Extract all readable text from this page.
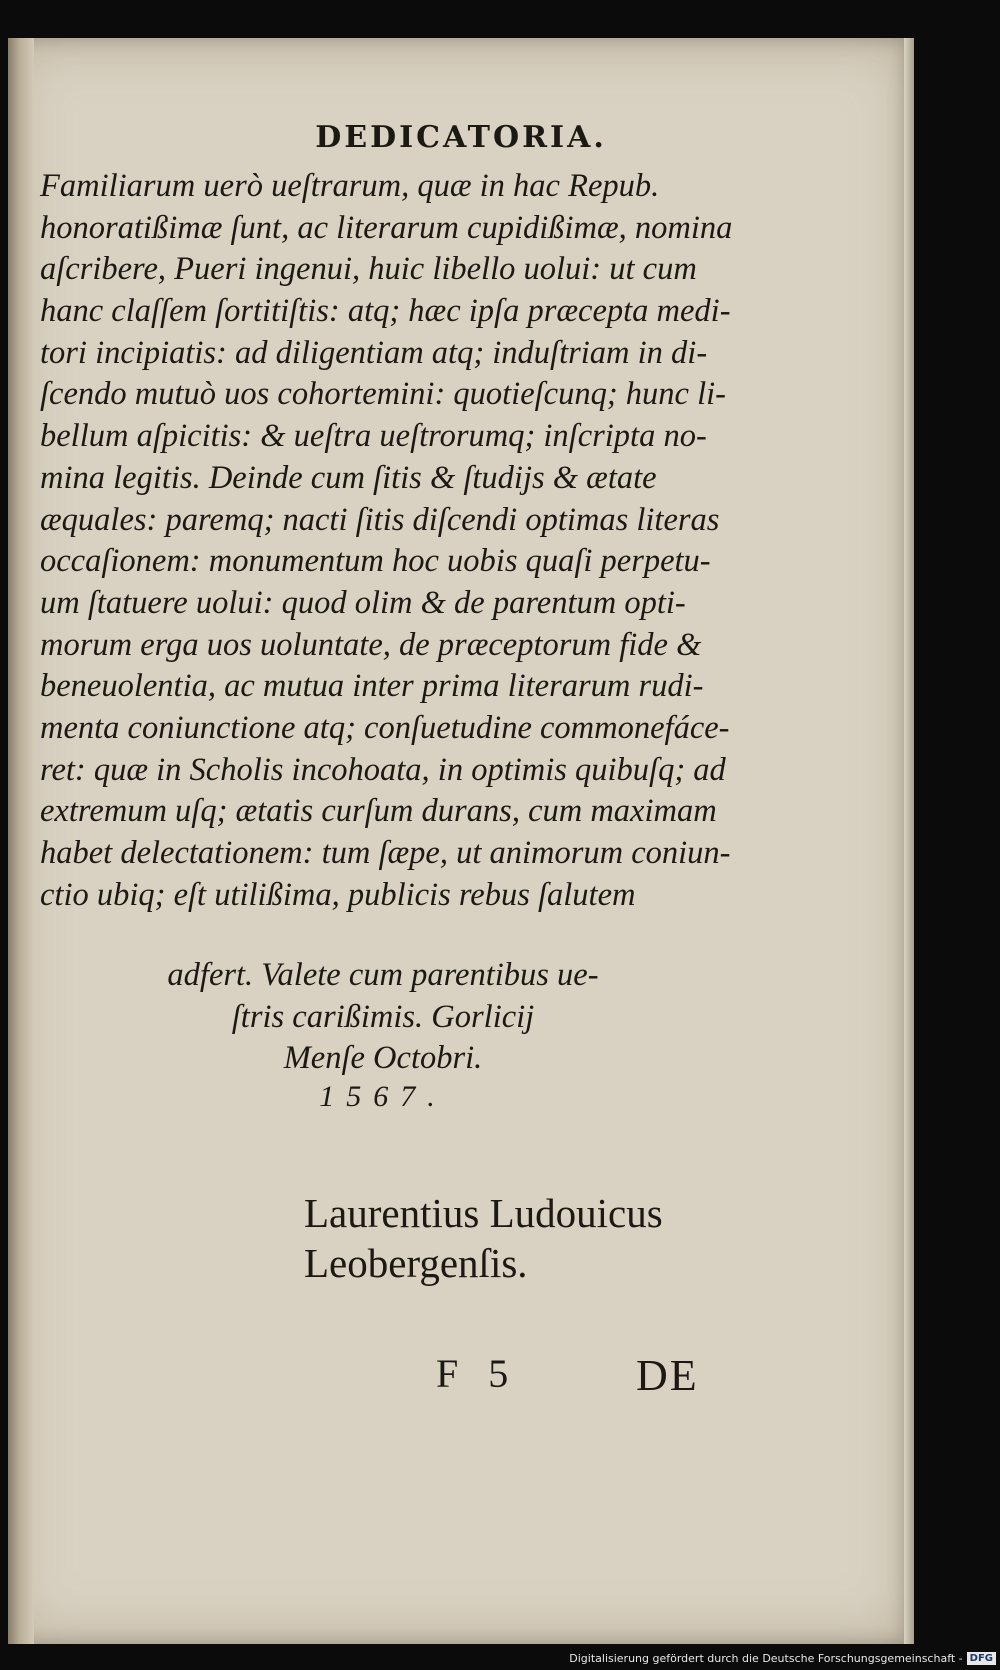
DEDICATORIA.
Familiarum uerò ueſtrarum, quæ in hac Repub.
honoratißimæ ſunt, ac literarum cupidißimæ, nomina
aſcribere, Pueri ingenui, huic libello uolui: ut cum
hanc claſſem ſortitiſtis: atq; hæc ipſa præcepta medi-
tori incipiatis: ad diligentiam atq; induſtriam in di-
ſcendo mutuò uos cohortemini: quotieſcunq; hunc li-
bellum aſpicitis: & ueſtra ueſtrorumq; inſcripta no-
mina legitis. Deinde cum ſitis & ſtudijs & ætate
æquales: paremq; nacti ſitis diſcendi optimas literas
occaſionem: monumentum hoc uobis quaſi perpetu-
um ſtatuere uolui: quod olim & de parentum opti-
morum erga uos uoluntate, de præceptorum fide &
beneuolentia, ac mutua inter prima literarum rudi-
menta coniunctione atq; conſuetudine commonefáce-
ret: quæ in Scholis incohoata, in optimis quibuſq; ad
extremum uſq; ætatis curſum durans, cum maximam
habet delectationem: tum ſæpe, ut animorum coniun-
ctio ubiq; eſt utilißima, publicis rebus ſalutem
adfert. Valete cum parentibus ue-
ſtris carißimis. Gorlicij
Menſe Octobri.
1567.
Laurentius Ludouicus
Leobergenſis.
F 5	DE
Digitalisierung gefördert durch die Deutsche Forschungsgemeinschaft - DFG
